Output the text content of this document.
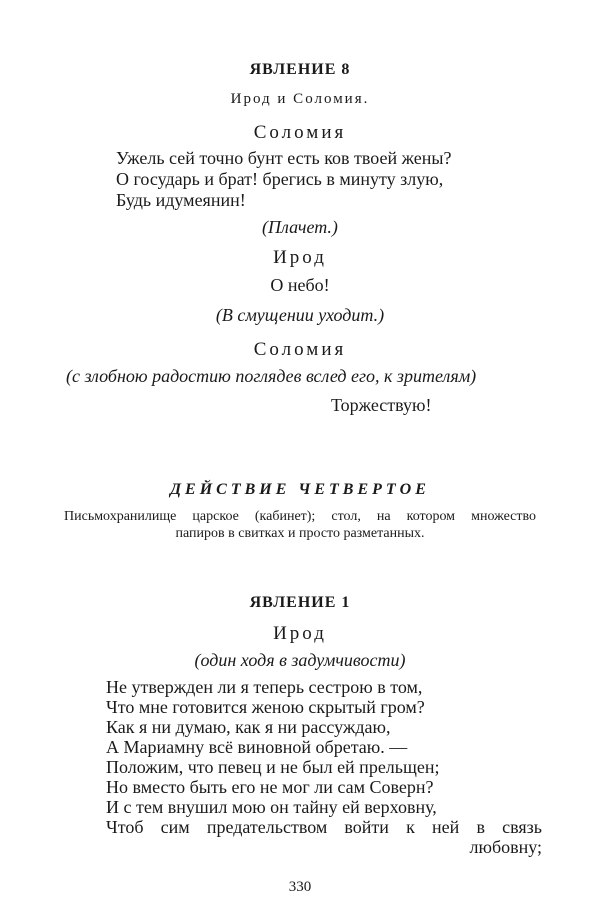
ЯВЛЕНИЕ 8
Ирод и Соломия.
Соломия
Ужель сей точно бунт есть ков твоей жены?
О государь и брат! брегись в минуту злую,
Будь идумеянин!
(Плачет.)
Ирод
О небо!
(В смущении уходит.)
Соломия
(с злобною радостию поглядев вслед его, к зрителям)
Торжествую!
ДЕЙСТВИЕ ЧЕТВЕРТОЕ
Письмохранилище царское (кабинет); стол, на котором множество
папиров в свитках и просто разметанных.
ЯВЛЕНИЕ 1
Ирод
(один ходя в задумчивости)
Не утвержден ли я теперь сестрою в том,
Что мне готовится женою скрытый гром?
Как я ни думаю, как я ни рассуждаю,
А Мариамну всё виновной обретаю. —
Положим, что певец и не был ей прельщен;
Но вместо быть его не мог ли сам Соверн?
И с тем внушил мою он тайну ей верховну,
Чтоб сим предательством войти к ней в связь
любовну;
330
